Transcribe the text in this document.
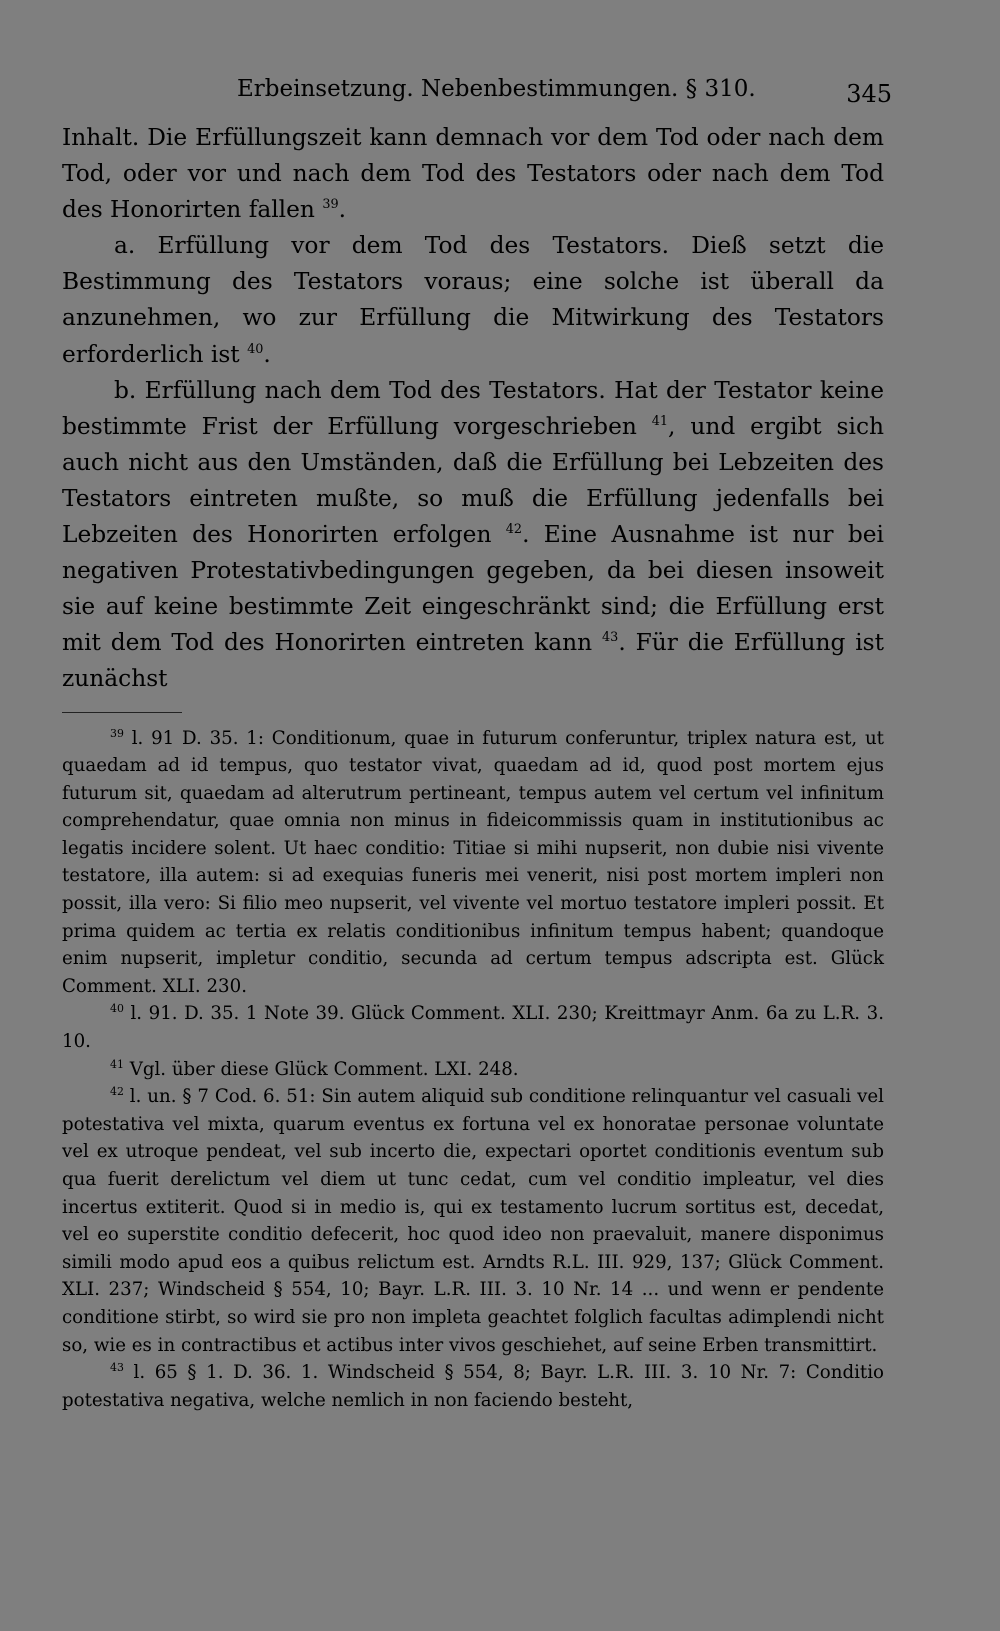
Erbeinsetzung. Nebenbestimmungen. § 310.	345

Inhalt. Die Erfüllungszeit kann demnach vor dem Tod oder nach dem Tod, oder vor und nach dem Tod des Testators oder nach dem Tod des Honorirten fallen $^{39}$.

a. Erfüllung vor dem Tod des Testators. Dieß setzt die Bestimmung des Testators voraus; eine solche ist überall da anzunehmen, wo zur Erfüllung die Mitwirkung des Testators erforderlich ist $^{40}$.

b. Erfüllung nach dem Tod des Testators. Hat der Testator keine bestimmte Frist der Erfüllung vorgeschrieben $^{41}$, und ergibt sich auch nicht aus den Umständen, daß die Erfüllung bei Lebzeiten des Testators eintreten mußte, so muß die Erfüllung jedenfalls bei Lebzeiten des Honorirten erfolgen $^{42}$. Eine Ausnahme ist nur bei negativen Protestativbedingungen gegeben, da bei diesen insoweit sie auf keine bestimmte Zeit eingeschränkt sind; die Erfüllung erst mit dem Tod des Honorirten eintreten kann $^{43}$. Für die Erfüllung ist zunächst

$^{39}$ l. 91 D. 35. 1: Conditionum, quae in futurum conferuntur, triplex natura est, ut quaedam ad id tempus, quo testator vivat, quaedam ad id, quod post mortem ejus futurum sit, quaedam ad alterutrum pertineant, tempus autem vel certum vel infinitum comprehendatur, quae omnia non minus in fideicommissis quam in institutionibus ac legatis incidere solent. Ut haec conditio: Titiae si mihi nupserit, non dubie nisi vivente testatore, illa autem: si ad exequias funeris mei venerit, nisi post mortem impleri non possit, illa vero: Si filio meo nupserit, vel vivente vel mortuo testatore impleri possit. Et prima quidem ac tertia ex relatis conditionibus infinitum tempus habent; quandoque enim nupserit, impletur conditio, secunda ad certum tempus adscripta est. Glück Comment. XLI. 230.

$^{40}$ l. 91. D. 35. 1 Note 39. Glück Comment. XLI. 230; Kreittmayr Anm. 6a zu L.R. 3. 10.

$^{41}$ Vgl. über diese Glück Comment. LXI. 248.

$^{42}$ l. un. § 7 Cod. 6. 51: Sin autem aliquid sub conditione relinquantur vel casuali vel potestativa vel mixta, quarum eventus ex fortuna vel ex honoratae personae voluntate vel ex utroque pendeat, vel sub incerto die, expectari oportet conditionis eventum sub qua fuerit derelictum vel diem ut tunc cedat, cum vel conditio impleatur, vel dies incertus extiterit. Quod si in medio is, qui ex testamento lucrum sortitus est, decedat, vel eo superstite conditio defecerit, hoc quod ideo non praevaluit, manere disponimus simili modo apud eos a quibus relictum est. Arndts R.L. III. 929, 137; Glück Comment. XLI. 237; Windscheid § 554, 10; Bayr. L.R. III. 3. 10 Nr. 14 ... und wenn er pendente conditione stirbt, so wird sie pro non impleta geachtet folglich facultas adimplendi nicht so, wie es in contractibus et actibus inter vivos geschiehet, auf seine Erben transmittirt.

$^{43}$ l. 65 § 1. D. 36. 1. Windscheid § 554, 8; Bayr. L.R. III. 3. 10 Nr. 7: Conditio potestativa negativa, welche nemlich in non faciendo besteht,
